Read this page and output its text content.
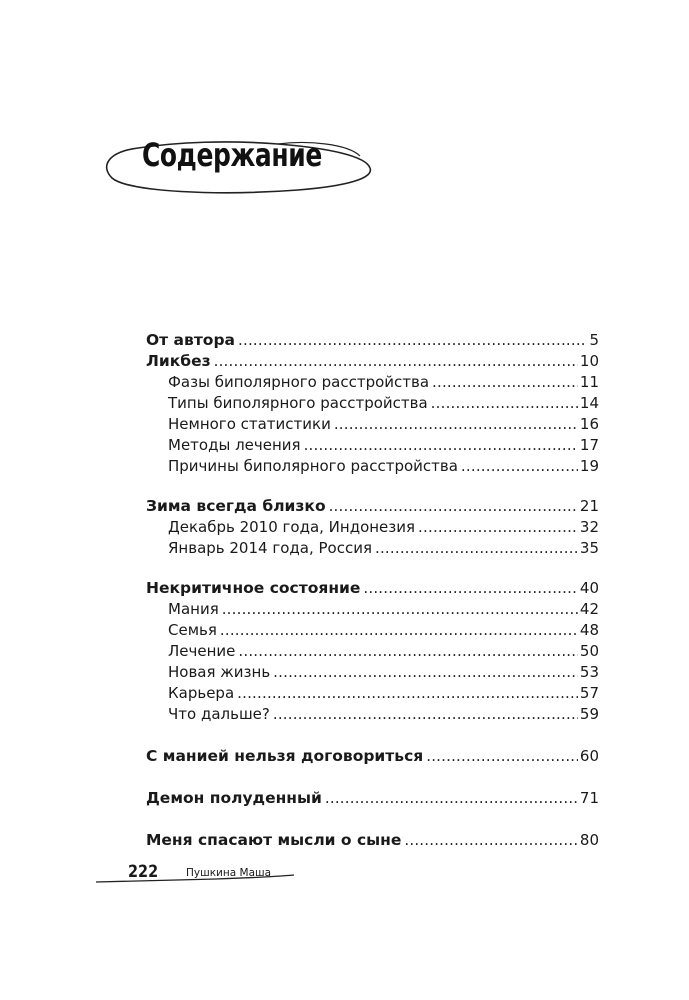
Содержание
От автора .....	5
Ликбез .....	10
Фазы биполярного расстройства .....	11
Типы биполярного расстройства .....	14
Немного статистики .....	16
Методы лечения .....	17
Причины биполярного расстройства .....	19
Зима всегда близко .....	21
Декабрь 2010 года, Индонезия .....	32
Январь 2014 года, Россия .....	35
Некритичное состояние .....	40
Мания .....	42
Семья .....	48
Лечение .....	50
Новая жизнь .....	53
Карьера .....	57
Что дальше? .....	59
С манией нельзя договориться .....	60
Демон полуденный .....	71
Меня спасают мысли о сыне .....	80
222	Пушкина Маша
